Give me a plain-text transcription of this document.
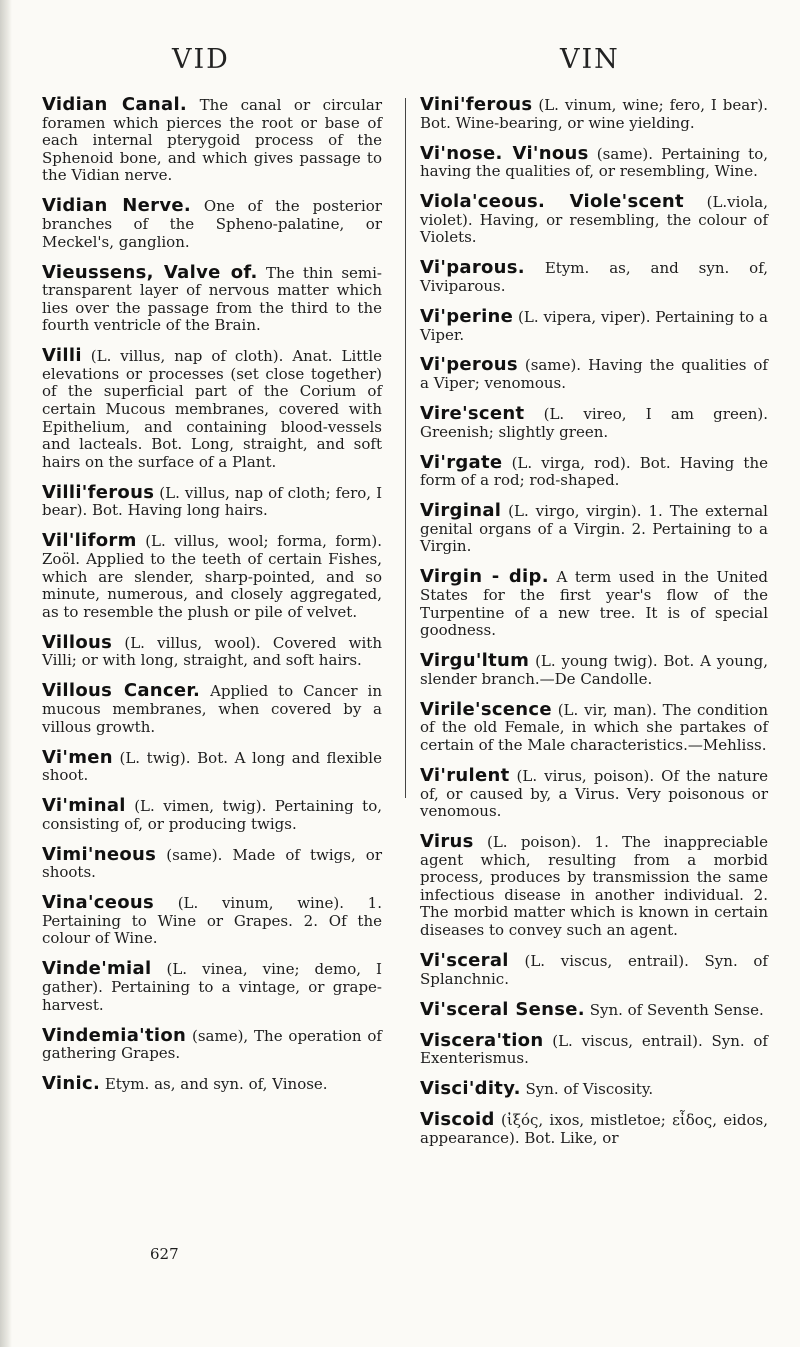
VID	VIN

Vidian Canal. The canal or circular foramen which pierces the root or base of each internal pterygoid process of the Sphenoid bone, and which gives passage to the Vidian nerve.

Vidian Nerve. One of the posterior branches of the Spheno-palatine, or Meckel's, ganglion.

Vieussens, Valve of. The thin semi-transparent layer of nervous matter which lies over the passage from the third to the fourth ventricle of the Brain.

Villi (L. villus, nap of cloth). Anat. Little elevations or processes (set close together) of the superficial part of the Corium of certain Mucous membranes, covered with Epithelium, and containing blood-vessels and lacteals. Bot. Long, straight, and soft hairs on the surface of a Plant.

Villi'ferous (L. villus, nap of cloth; fero, I bear). Bot. Having long hairs.

Vil'liform (L. villus, wool; forma, form). Zoöl. Applied to the teeth of certain Fishes, which are slender, sharp-pointed, and so minute, numerous, and closely aggregated, as to resemble the plush or pile of velvet.

Villous (L. villus, wool). Covered with Villi; or with long, straight, and soft hairs.

Villous Cancer. Applied to Cancer in mucous membranes, when covered by a villous growth.

Vi'men (L. twig). Bot. A long and flexible shoot.

Vi'minal (L. vimen, twig). Pertaining to, consisting of, or producing twigs.

Vimi'neous (same). Made of twigs, or shoots.

Vina'ceous (L. vinum, wine). 1. Pertaining to Wine or Grapes. 2. Of the colour of Wine.

Vinde'mial (L. vinea, vine; demo, I gather). Pertaining to a vintage, or grape-harvest.

Vindemia'tion (same), The operation of gathering Grapes.

Vinic. Etym. as, and syn. of, Vinose.

Vini'ferous (L. vinum, wine; fero, I bear). Bot. Wine-bearing, or wine yielding.

Vi'nose. Vi'nous (same). Pertaining to, having the qualities of, or resembling, Wine.

Viola'ceous. Viole'scent (L.viola, violet). Having, or resembling, the colour of Violets.

Vi'parous. Etym. as, and syn. of, Viviparous.

Vi'perine (L. vipera, viper). Pertaining to a Viper.

Vi'perous (same). Having the qualities of a Viper; venomous.

Vire'scent (L. vireo, I am green). Greenish; slightly green.

Vi'rgate (L. virga, rod). Bot. Having the form of a rod; rod-shaped.

Virginal (L. virgo, virgin). 1. The external genital organs of a Virgin. 2. Pertaining to a Virgin.

Virgin - dip. A term used in the United States for the first year's flow of the Turpentine of a new tree. It is of special goodness.

Virgu'ltum (L. young twig). Bot. A young, slender branch.—De Candolle.

Virile'scence (L. vir, man). The condition of the old Female, in which she partakes of certain of the Male characteristics.—Mehliss.

Vi'rulent (L. virus, poison). Of the nature of, or caused by, a Virus. Very poisonous or venomous.

Virus (L. poison). 1. The inappreciable agent which, resulting from a morbid process, produces by transmission the same infectious disease in another individual. 2. The morbid matter which is known in certain diseases to convey such an agent.

Vi'sceral (L. viscus, entrail). Syn. of Splanchnic.

Vi'sceral Sense. Syn. of Seventh Sense.

Viscera'tion (L. viscus, entrail). Syn. of Exenterismus.

Visci'dity. Syn. of Viscosity.

Viscoid (ἰξός, ixos, mistletoe; εἶδος, eidos, appearance). Bot. Like, or

627
